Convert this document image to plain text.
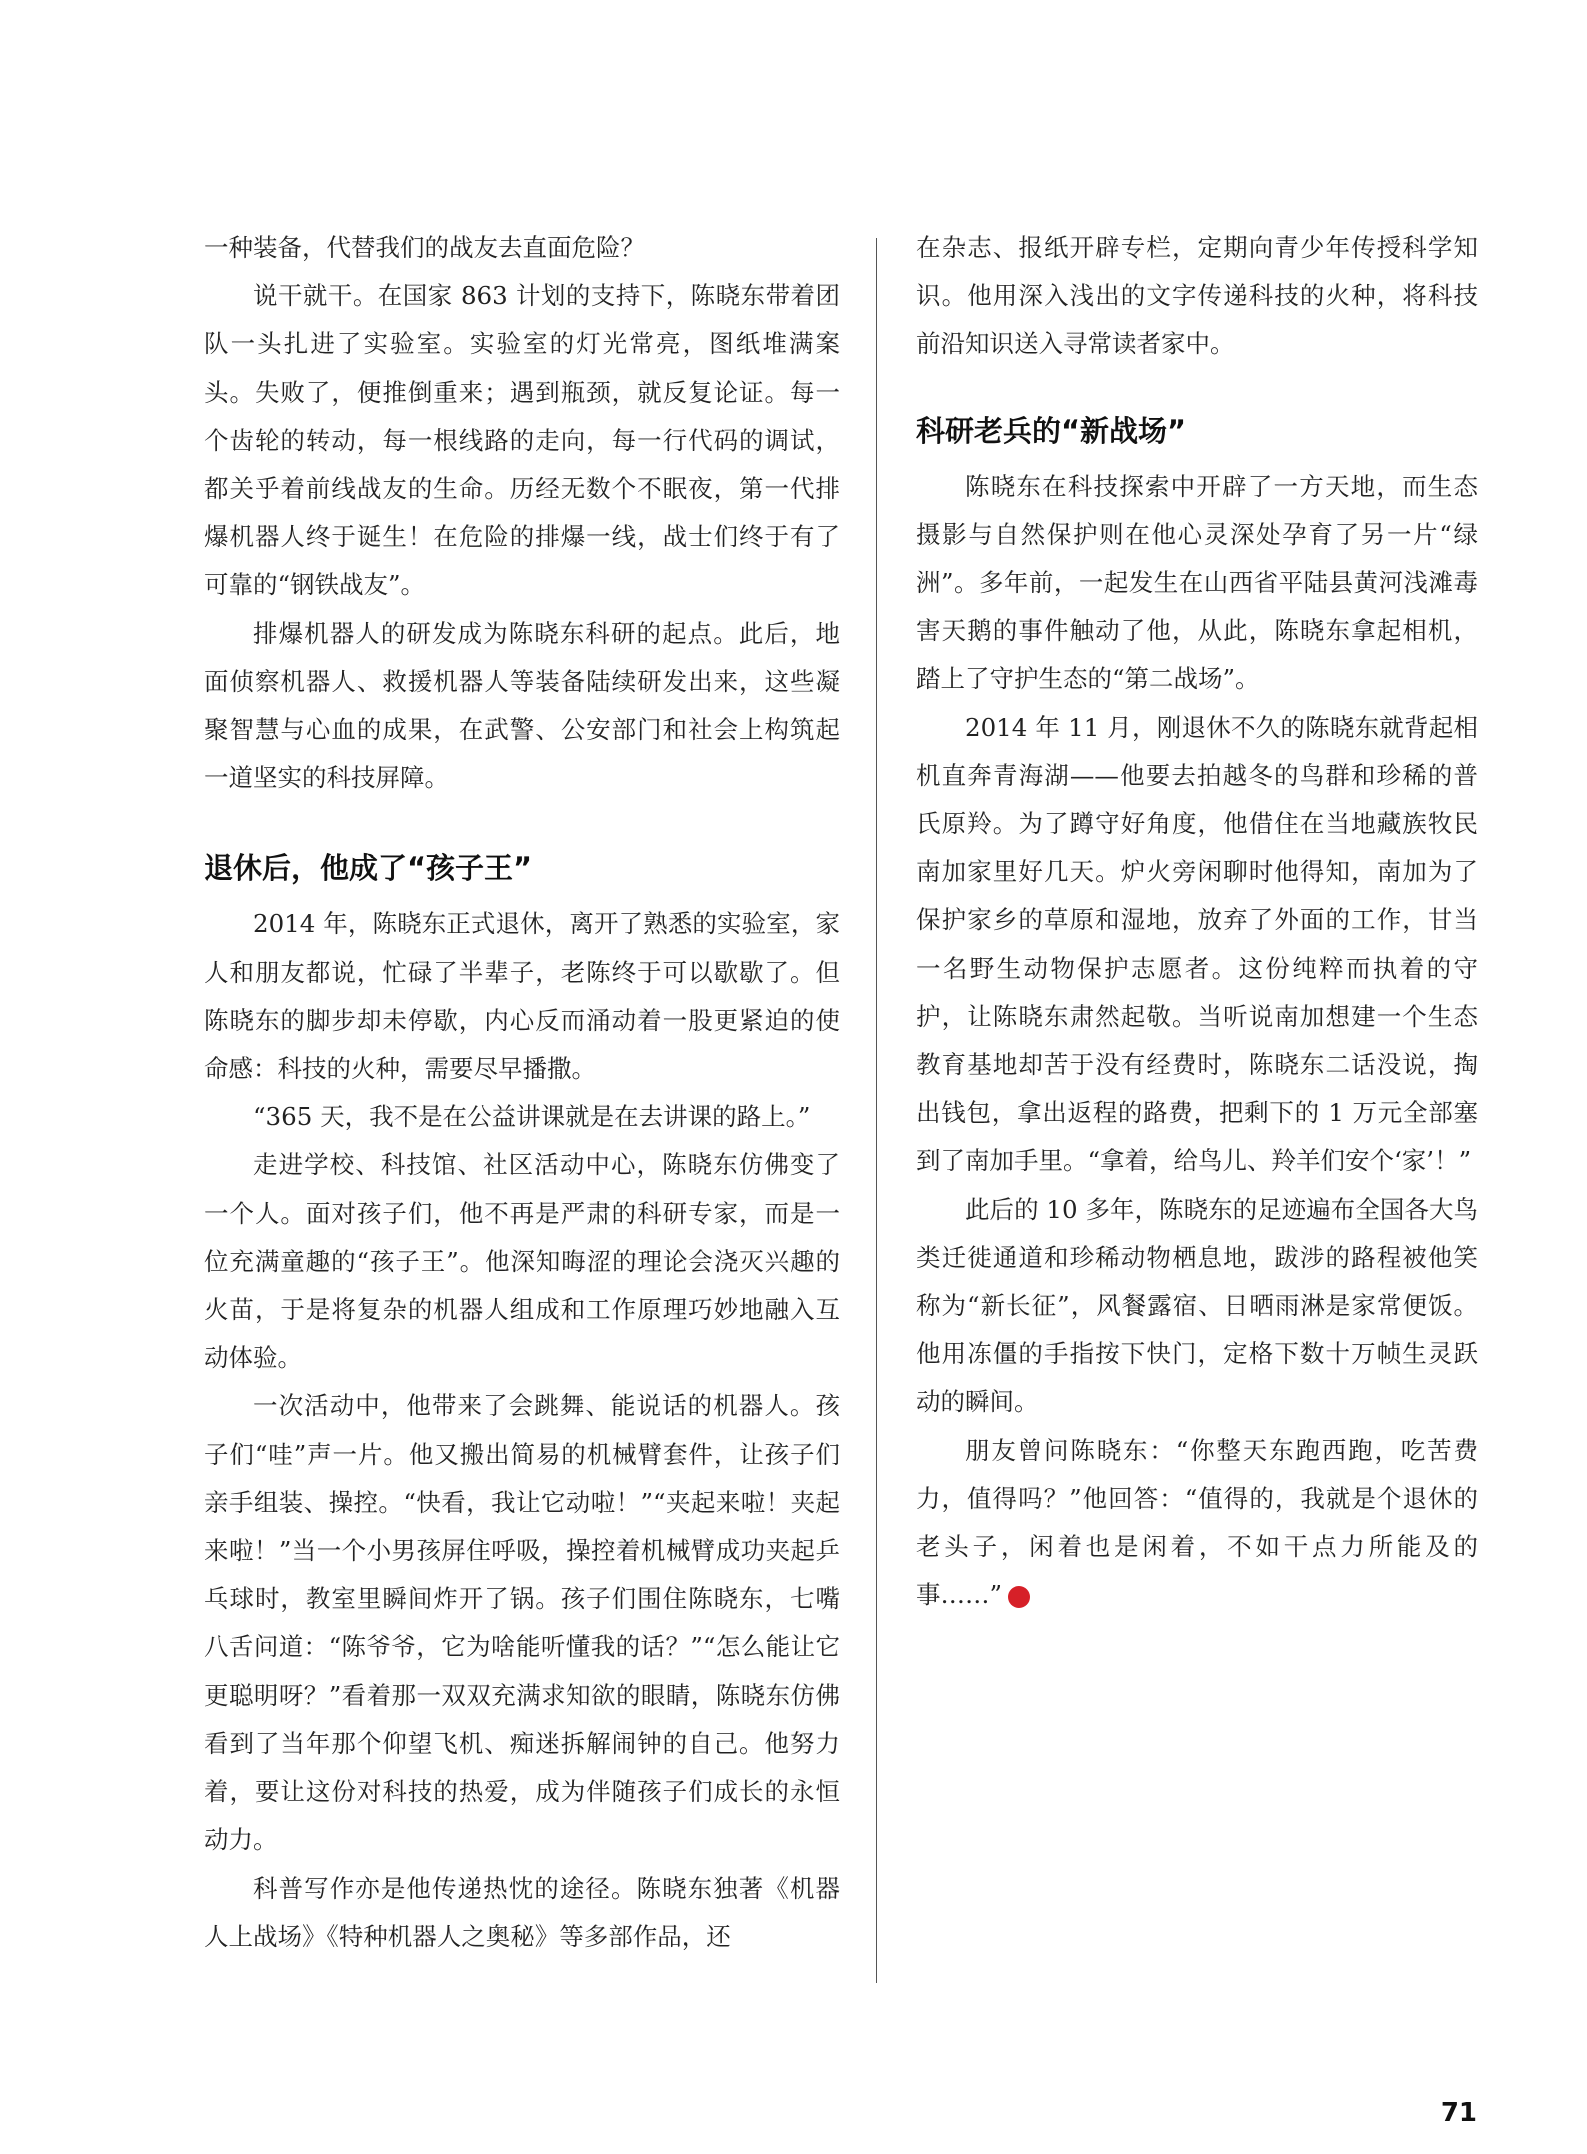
一种装备，代替我们的战友去直面危险？

说干就干。在国家 863 计划的支持下，陈晓东带着团队一头扎进了实验室。实验室的灯光常亮，图纸堆满案头。失败了，便推倒重来；遇到瓶颈，就反复论证。每一个齿轮的转动，每一根线路的走向，每一行代码的调试，都关乎着前线战友的生命。历经无数个不眠夜，第一代排爆机器人终于诞生！在危险的排爆一线，战士们终于有了可靠的“钢铁战友”。

排爆机器人的研发成为陈晓东科研的起点。此后，地面侦察机器人、救援机器人等装备陆续研发出来，这些凝聚智慧与心血的成果，在武警、公安部门和社会上构筑起一道坚实的科技屏障。

退休后，他成了“孩子王”

2014 年，陈晓东正式退休，离开了熟悉的实验室，家人和朋友都说，忙碌了半辈子，老陈终于可以歇歇了。但陈晓东的脚步却未停歇，内心反而涌动着一股更紧迫的使命感：科技的火种，需要尽早播撒。

“365 天，我不是在公益讲课就是在去讲课的路上。”

走进学校、科技馆、社区活动中心，陈晓东仿佛变了一个人。面对孩子们，他不再是严肃的科研专家，而是一位充满童趣的“孩子王”。他深知晦涩的理论会浇灭兴趣的火苗，于是将复杂的机器人组成和工作原理巧妙地融入互动体验。

一次活动中，他带来了会跳舞、能说话的机器人。孩子们“哇”声一片。他又搬出简易的机械臂套件，让孩子们亲手组装、操控。“快看，我让它动啦！”“夹起来啦！夹起来啦！”当一个小男孩屏住呼吸，操控着机械臂成功夹起乒乓球时，教室里瞬间炸开了锅。孩子们围住陈晓东，七嘴八舌问道：“陈爷爷，它为啥能听懂我的话？”“怎么能让它更聪明呀？”看着那一双双充满求知欲的眼睛，陈晓东仿佛看到了当年那个仰望飞机、痴迷拆解闹钟的自己。他努力着，要让这份对科技的热爱，成为伴随孩子们成长的永恒动力。

科普写作亦是他传递热忱的途径。陈晓东独著《机器人上战场》《特种机器人之奥秘》等多部作品，还

在杂志、报纸开辟专栏，定期向青少年传授科学知识。他用深入浅出的文字传递科技的火种，将科技前沿知识送入寻常读者家中。

科研老兵的“新战场”

陈晓东在科技探索中开辟了一方天地，而生态摄影与自然保护则在他心灵深处孕育了另一片“绿洲”。多年前，一起发生在山西省平陆县黄河浅滩毒害天鹅的事件触动了他，从此，陈晓东拿起相机，踏上了守护生态的“第二战场”。

2014 年 11 月，刚退休不久的陈晓东就背起相机直奔青海湖——他要去拍越冬的鸟群和珍稀的普氏原羚。为了蹲守好角度，他借住在当地藏族牧民南加家里好几天。炉火旁闲聊时他得知，南加为了保护家乡的草原和湿地，放弃了外面的工作，甘当一名野生动物保护志愿者。这份纯粹而执着的守护，让陈晓东肃然起敬。当听说南加想建一个生态教育基地却苦于没有经费时，陈晓东二话没说，掏出钱包，拿出返程的路费，把剩下的 1 万元全部塞到了南加手里。“拿着，给鸟儿、羚羊们安个‘家’！”

此后的 10 多年，陈晓东的足迹遍布全国各大鸟类迁徙通道和珍稀动物栖息地，跋涉的路程被他笑称为“新长征”，风餐露宿、日晒雨淋是家常便饭。他用冻僵的手指按下快门，定格下数十万帧生灵跃动的瞬间。

朋友曾问陈晓东：“你整天东跑西跑，吃苦费力，值得吗？”他回答：“值得的，我就是个退休的老头子，闲着也是闲着，不如干点力所能及的事……”	N

71
